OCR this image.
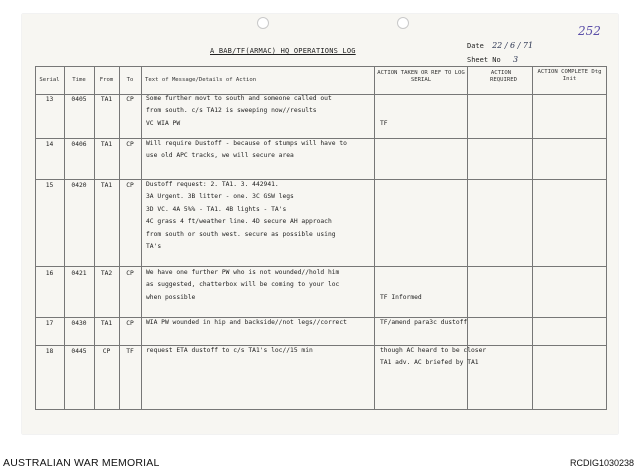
A BAB/TF(ARMAC) HQ OPERATIONS LOG
Date 22 / 6 / 71
Sheet No 3
252
Serial	Time	From	To	Text of Message/Details of Action
ACTION TAKEN OR REF TO LOG SERIAL
ACTION REQUIRED
ACTION COMPLETE Dtg Init
13	0405	TA1	CP	Some further movt to south and someone called out
from south. c/s TA12 is sweeping now//results
VC WIA PW	TF
14	0406	TA1	CP	Will require Dustoff - because of stumps will have to
use old APC tracks, we will secure area
15	0420	TA1	CP	Dustoff request: 2. TA1. 3. 442941.
3A Urgent. 3B litter - one. 3C GSW legs
3D VC. 4A 5%% - TA1. 4B lights - TA's
4C grass 4 ft/weather line. 4D secure AH approach
from south or south west. secure as possible using
TA's
16	0421	TA2	CP	We have one further PW who is not wounded//hold him
as suggested, chatterbox will be coming to your loc
when possible	TF Informed
17	0430	TA1	CP	WIA PW wounded in hip and backside//not legs//correct	TF/amend para3c dustoff
18	0445	CP	TF	request ETA dustoff to c/s TA1's loc//15 min	though AC heard to be closer
TA1 adv. AC briefed by TA1
AUSTRALIAN WAR MEMORIAL	RCDIG1030238
